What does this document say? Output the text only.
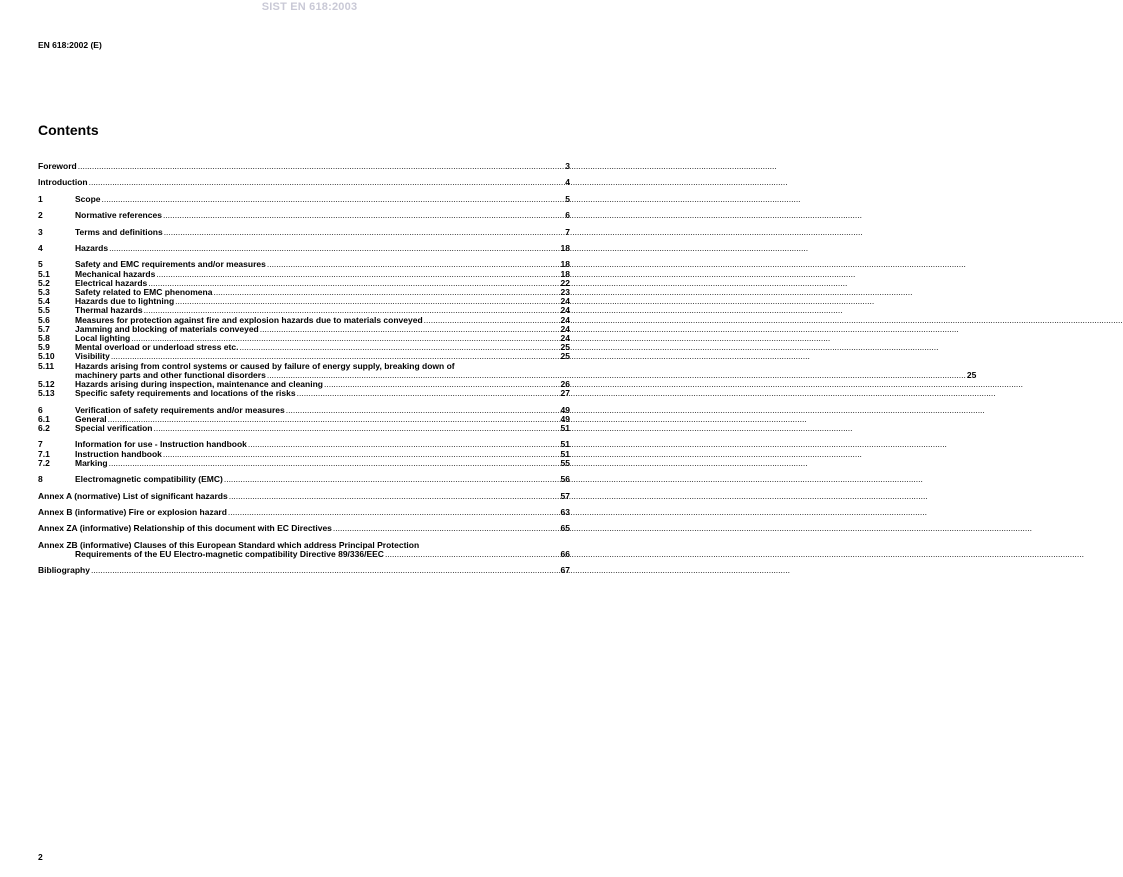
SIST EN 618:2003
EN 618:2002 (E)
Contents
Foreword .....	3
Introduction .....	4
1	Scope .....	5
2	Normative references .....	6
3	Terms and definitions .....	7
4	Hazards .....	18
5	Safety and EMC requirements and/or measures .....	18
5.1	Mechanical hazards .....	18
5.2	Electrical hazards .....	22
5.3	Safety related to EMC phenomena .....	23
5.4	Hazards due to lightning .....	24
5.5	Thermal hazards .....	24
5.6	Measures for protection against fire and explosion hazards due to materials conveyed .....	24
5.7	Jamming and blocking of materials conveyed .....	24
5.8	Local lighting .....	24
5.9	Mental overload or underload stress etc. .....	25
5.10	Visibility .....	25
5.11	Hazards arising from control systems or caused by failure of energy supply, breaking down of
machinery parts and other functional disorders .....	25
5.12	Hazards arising during inspection, maintenance and cleaning .....	26
5.13	Specific safety requirements and locations of the risks .....	27
6	Verification of safety requirements and/or measures .....	49
6.1	General .....	49
6.2	Special verification .....	51
7	Information for use - Instruction handbook .....	51
7.1	Instruction handbook .....	51
7.2	Marking .....	55
8	Electromagnetic compatibility (EMC) .....	56
Annex A (normative) List of significant hazards .....	57
Annex B (informative) Fire or explosion hazard .....	63
Annex ZA (informative) Relationship of this document with EC Directives .....	65
Annex ZB (informative) Clauses of this European Standard which address Principal Protection
Requirements of the EU Electro-magnetic compatibility Directive 89/336/EEC .....	66
Bibliography .....	67
2
